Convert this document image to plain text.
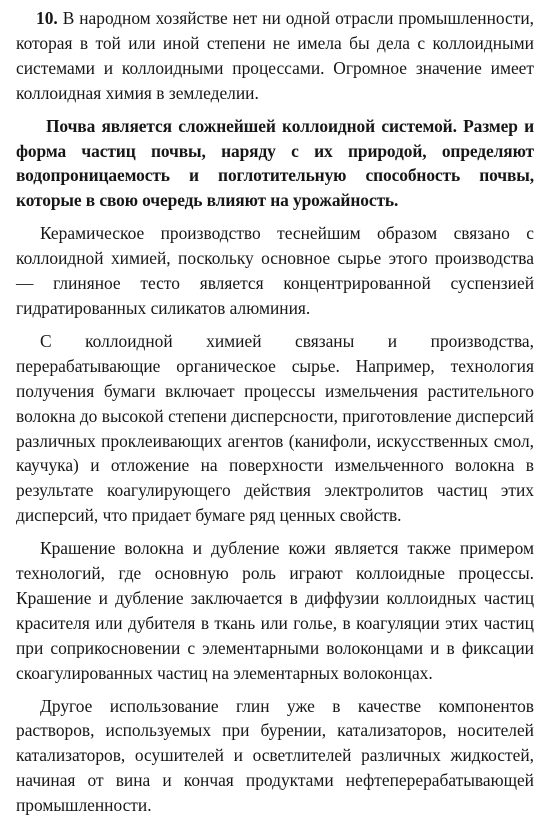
10. В народном хозяйстве нет ни одной отрасли промышленности, которая в той или иной степени не имела бы дела с коллоидными системами и коллоидными процессами. Огромное значение имеет коллоидная химия в земледелии.

Почва является сложнейшей коллоидной системой. Размер и форма частиц почвы, наряду с их природой, определяют водопроницаемость и поглотительную способность почвы, которые в свою очередь влияют на урожайность.

Керамическое производство теснейшим образом связано с коллоидной химией, поскольку основное сырье этого производства — глиняное тесто является концентрированной суспензией гидратированных силикатов алюминия.

С коллоидной химией связаны и производства, перерабатывающие органическое сырье. Например, технология получения бумаги включает процессы измельчения растительного волокна до высокой степени дисперсности, приготовление дисперсий различных проклеивающих агентов (канифоли, искусственных смол, каучука) и отложение на поверхности измельченного волокна в результате коагулирующего действия электролитов частиц этих дисперсий, что придает бумаге ряд ценных свойств.

Крашение волокна и дубление кожи является также примером технологий, где основную роль играют коллоидные процессы. Крашение и дубление заключается в диффузии коллоидных частиц красителя или дубителя в ткань или голье, в коагуляции этих частиц при соприкосновении с элементарными волоконцами и в фиксации скоагулированных частиц на элементарных волоконцах.

Другое использование глин уже в качестве компонентов растворов, используемых при бурении, катализаторов, носителей катализаторов, осушителей и осветлителей различных жидкостей, начиная от вина и кончая продуктами нефтеперерабатывающей промышленности.
